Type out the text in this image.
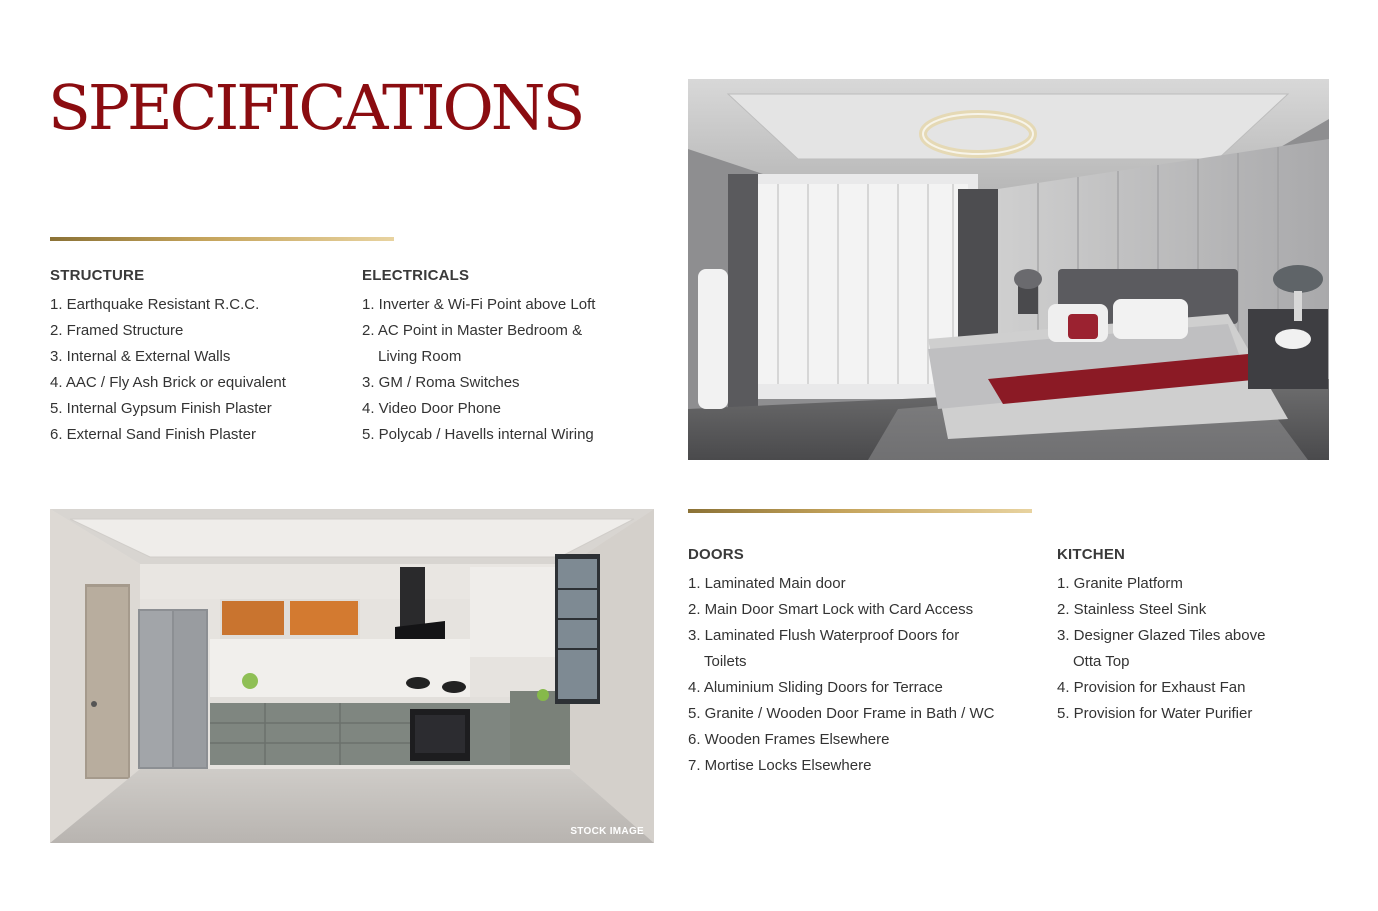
SPECIFICATIONS
STRUCTURE
1. Earthquake Resistant R.C.C.
2. Framed Structure
3. Internal & External Walls
4. AAC / Fly Ash Brick or equivalent
5. Internal Gypsum Finish Plaster
6. External Sand Finish Plaster
ELECTRICALS
1. Inverter & Wi-Fi Point above Loft
2. AC Point in Master Bedroom &
Living Room
3. GM / Roma Switches
4. Video Door Phone
5. Polycab / Havells internal Wiring
STOCK IMAGE
DOORS
1. Laminated Main door
2. Main Door Smart Lock with Card Access
3. Laminated Flush Waterproof Doors for
Toilets
4. Aluminium Sliding Doors for Terrace
5. Granite / Wooden Door Frame in Bath / WC
6. Wooden Frames Elsewhere
7. Mortise Locks Elsewhere
KITCHEN
1. Granite Platform
2. Stainless Steel Sink
3. Designer Glazed Tiles above
Otta Top
4. Provision for Exhaust Fan
5. Provision for Water Purifier
